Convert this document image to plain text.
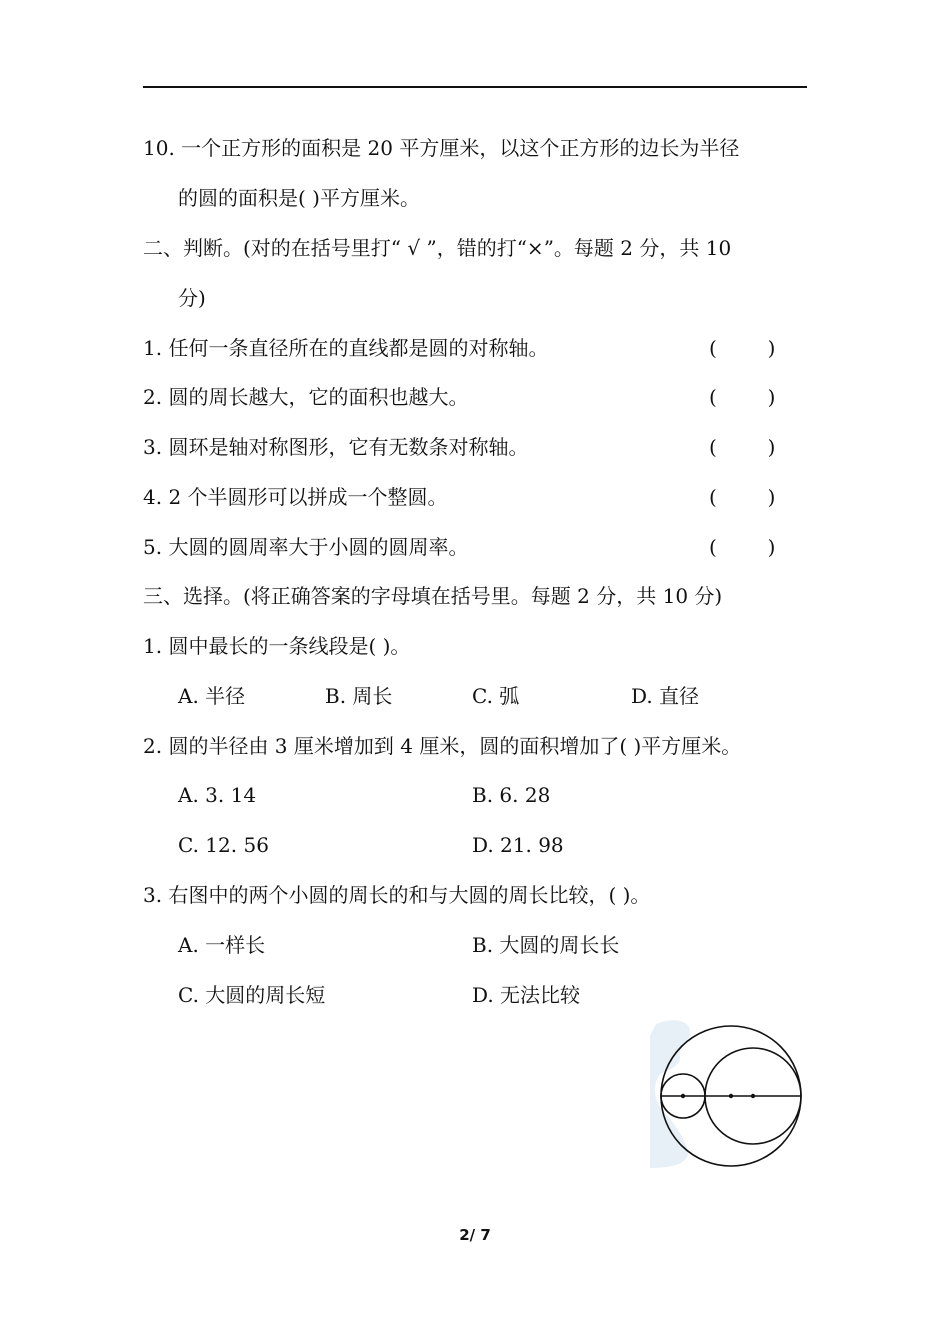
10. 一个正方形的面积是 20 平方厘米，以这个正方形的边长为半径
的圆的面积是( )平方厘米。
二、判断。(对的在括号里打“ √ ”，错的打“×”。每题 2 分，共 10
分)
1. 任何一条直径所在的直线都是圆的对称轴。	(        )
2. 圆的周长越大，它的面积也越大。	(        )
3. 圆环是轴对称图形，它有无数条对称轴。	(        )
4. 2 个半圆形可以拼成一个整圆。	(        )
5. 大圆的圆周率大于小圆的圆周率。	(        )
三、选择。(将正确答案的字母填在括号里。每题 2 分，共 10 分)
1. 圆中最长的一条线段是( )。
A. 半径	B. 周长	C. 弧	D. 直径
2. 圆的半径由 3 厘米增加到 4 厘米，圆的面积增加了( )平方厘米。
A. 3. 14	B. 6. 28
C. 12. 56	D. 21. 98
3. 右图中的两个小圆的周长的和与大圆的周长比较，( )。
A. 一样长	B. 大圆的周长长
C. 大圆的周长短	D. 无法比较
2/ 7
